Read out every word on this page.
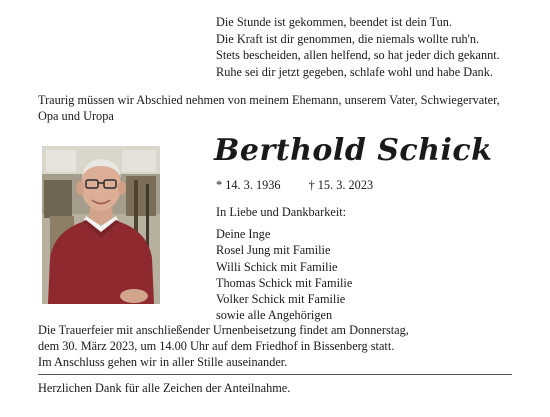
Die Stunde ist gekommen, beendet ist dein Tun.
Die Kraft ist dir genommen, die niemals wollte ruh'n.
Stets bescheiden, allen helfend, so hat jeder dich gekannt.
Ruhe sei dir jetzt gegeben, schlafe wohl und habe Dank.
Traurig müssen wir Abschied nehmen von meinem Ehemann, unserem Vater, Schwiegervater, Opa und Uropa
Berthold Schick
* 14. 3. 1936 † 15. 3. 2023
In Liebe und Dankbarkeit:
Deine Inge
Rosel Jung mit Familie
Willi Schick mit Familie
Thomas Schick mit Familie
Volker Schick mit Familie
sowie alle Angehörigen
Die Trauerfeier mit anschließender Urnenbeisetzung findet am Donnerstag,
dem 30. März 2023, um 14.00 Uhr auf dem Friedhof in Bissenberg statt.
Im Anschluss gehen wir in aller Stille auseinander.
Herzlichen Dank für alle Zeichen der Anteilnahme.
